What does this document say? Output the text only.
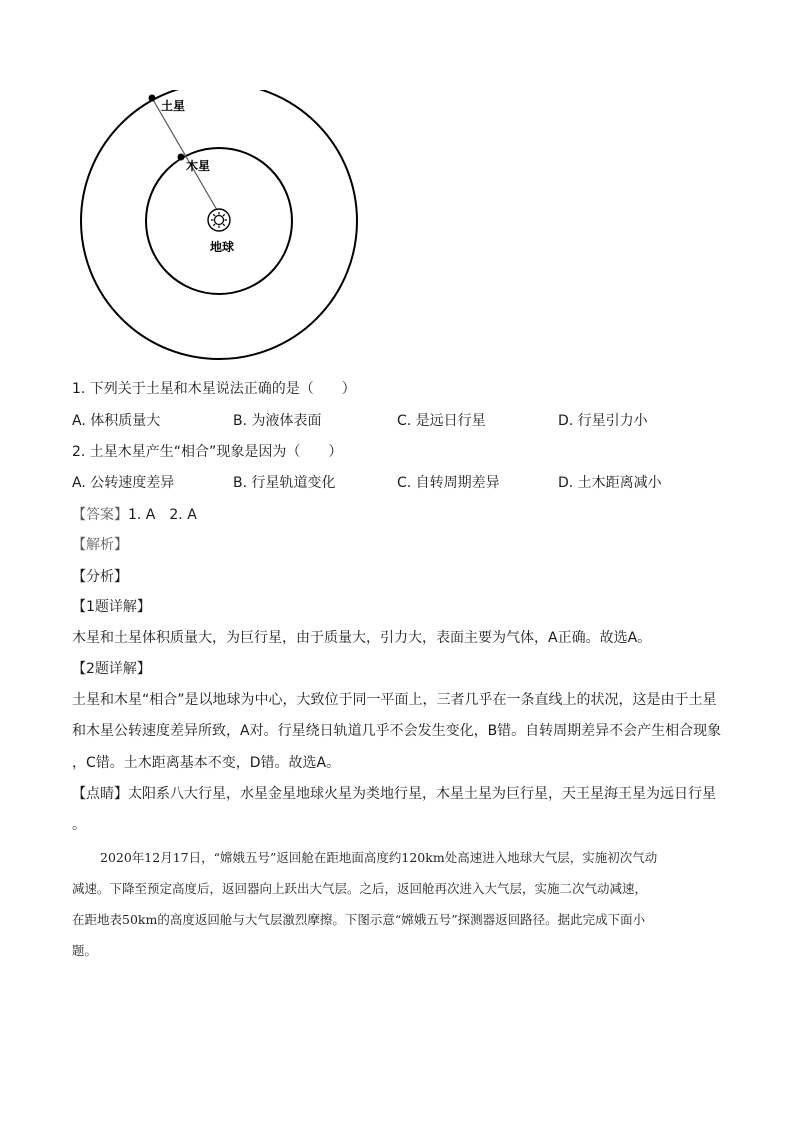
土星
木星
地球
1. 下列关于土星和木星说法正确的是（　　）
A. 体积质量大	B. 为液体表面	C. 是远日行星	D. 行星引力小
2. 土星木星产生“相合”现象是因为（　　）
A. 公转速度差异	B. 行星轨道变化	C. 自转周期差异	D. 土木距离减小
【答案】1. A　2. A
【解析】
【分析】
【1题详解】
木星和土星体积质量大，为巨行星，由于质量大，引力大，表面主要为气体，A正确。故选A。
【2题详解】
土星和木星“相合”是以地球为中心，大致位于同一平面上，三者几乎在一条直线上的状况，这是由于土星
和木星公转速度差异所致，A对。行星绕日轨道几乎不会发生变化，B错。自转周期差异不会产生相合现象
，C错。土木距离基本不变，D错。故选A。
【点睛】太阳系八大行星，水星金星地球火星为类地行星，木星土星为巨行星，天王星海王星为远日行星
。
2020年12月17日，“嫦娥五号”返回舱在距地面高度约120km处高速进入地球大气层，实施初次气动
减速。下降至预定高度后，返回器向上跃出大气层。之后，返回舱再次进入大气层，实施二次气动减速，
在距地表50km的高度返回舱与大气层激烈摩擦。下图示意“嫦娥五号”探测器返回路径。据此完成下面小
题。
